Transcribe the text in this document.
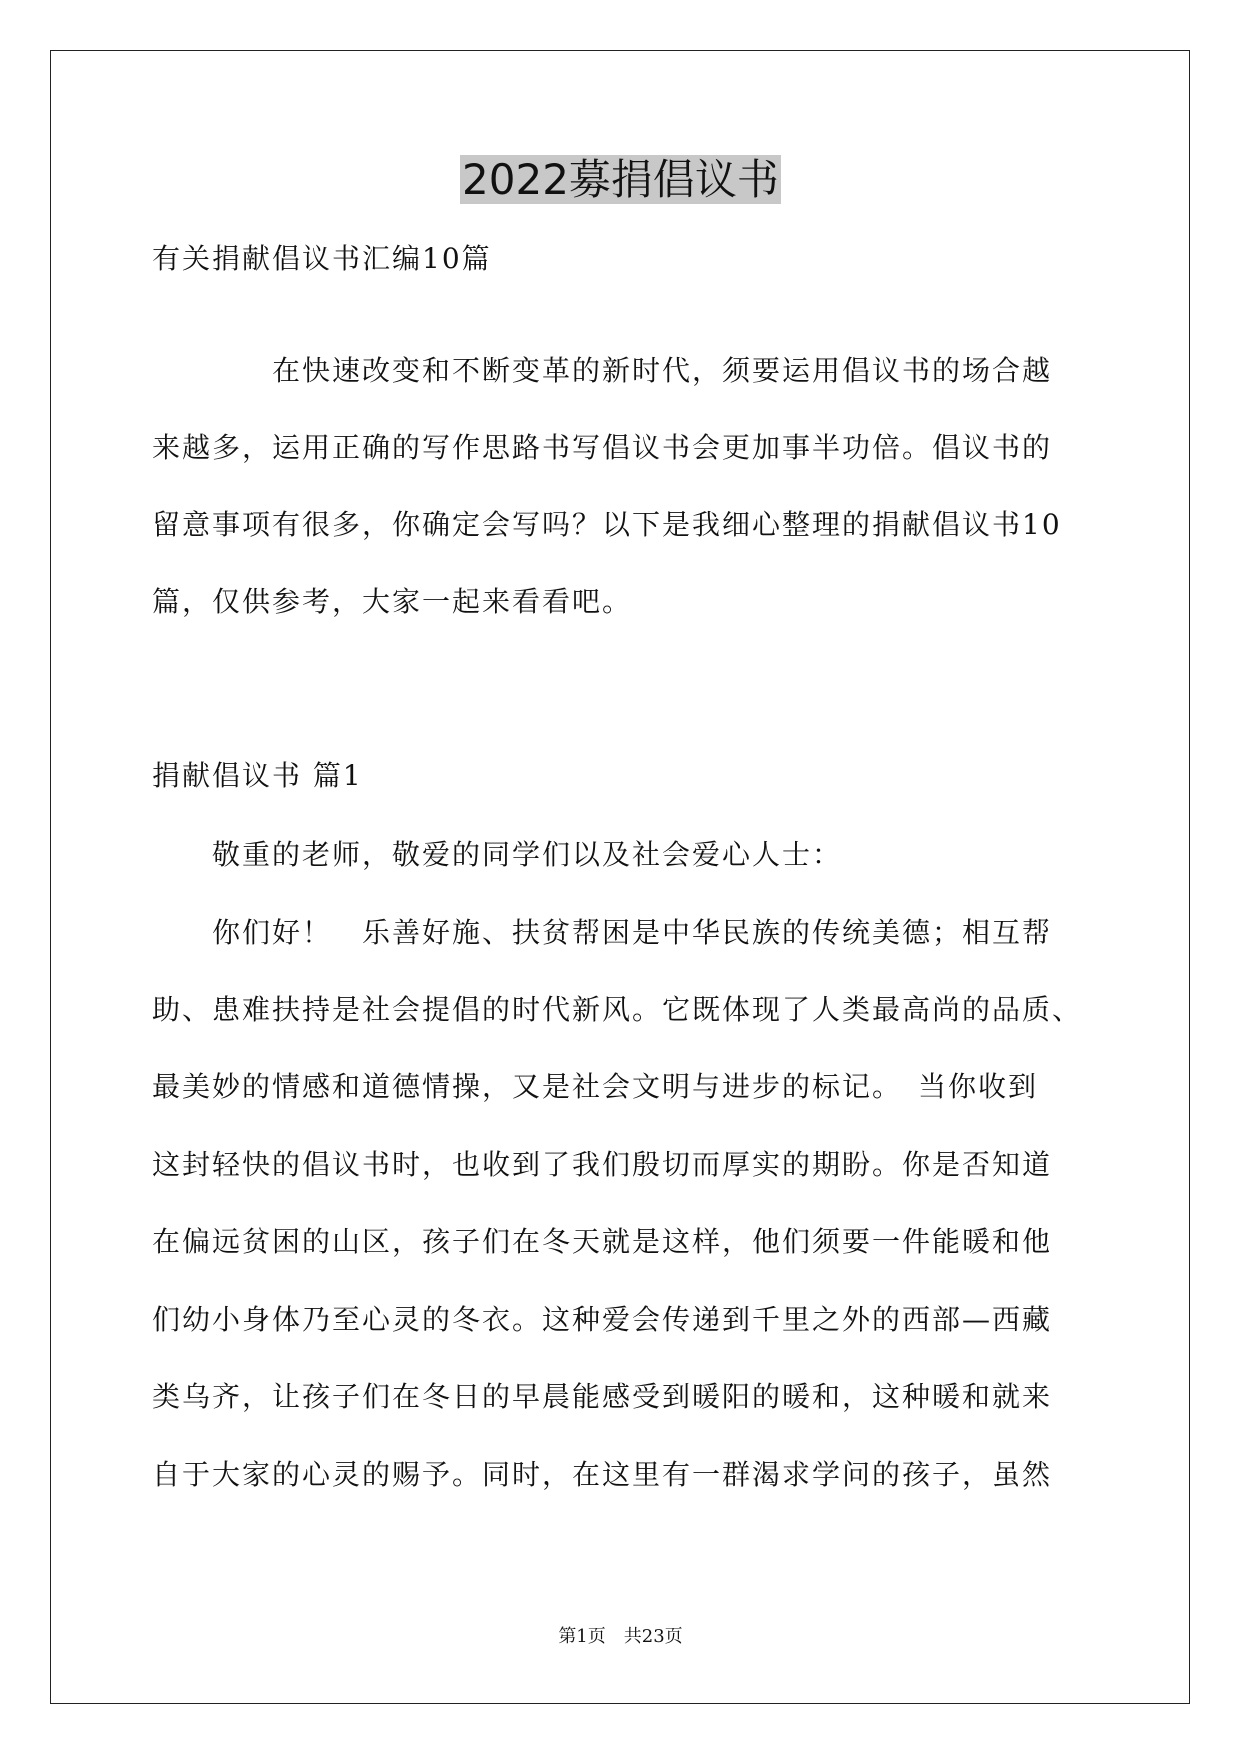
2022募捐倡议书
有关捐献倡议书汇编10篇
　　　　在快速改变和不断变革的新时代，须要运用倡议书的场合越
来越多，运用正确的写作思路书写倡议书会更加事半功倍。倡议书的
留意事项有很多，你确定会写吗？以下是我细心整理的捐献倡议书10
篇，仅供参考，大家一起来看看吧。
捐献倡议书 篇1
　　敬重的老师，敬爱的同学们以及社会爱心人士：
　　你们好！　乐善好施、扶贫帮困是中华民族的传统美德；相互帮
助、患难扶持是社会提倡的时代新风。它既体现了人类最高尚的品质、
最美妙的情感和道德情操，又是社会文明与进步的标记。　当你收到
这封轻快的倡议书时，也收到了我们殷切而厚实的期盼。你是否知道
在偏远贫困的山区，孩子们在冬天就是这样，他们须要一件能暖和他
们幼小身体乃至心灵的冬衣。这种爱会传递到千里之外的西部—西藏
类乌齐，让孩子们在冬日的早晨能感受到暖阳的暖和，这种暖和就来
自于大家的心灵的赐予。同时，在这里有一群渴求学问的孩子，虽然
第1页　共23页
